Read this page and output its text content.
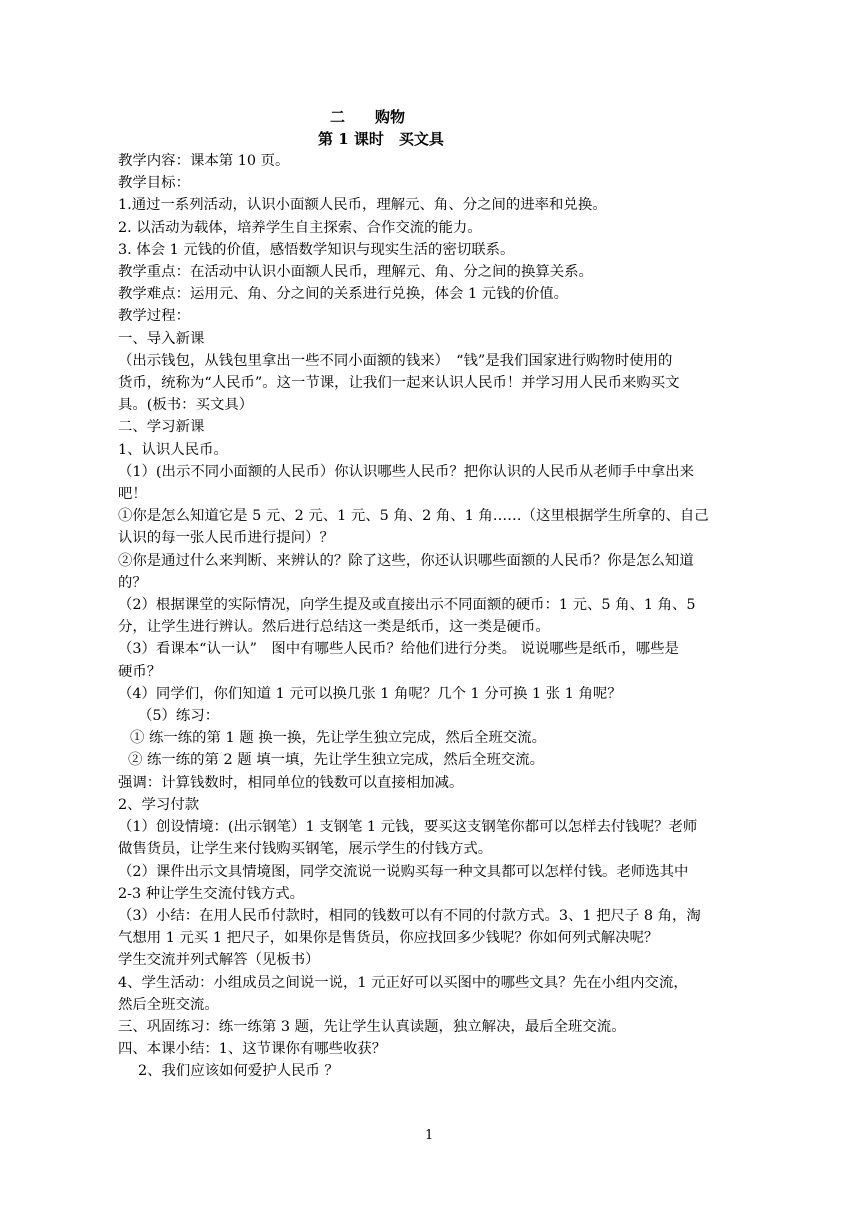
二　　购物
第 1 课时　买文具

教学内容：课本第 10 页。

教学目标：

1.通过一系列活动，认识小面额人民币，理解元、角、分之间的进率和兑换。

2. 以活动为载体，培养学生自主探索、合作交流的能力。

3. 体会 1 元钱的价值，感悟数学知识与现实生活的密切联系。

教学重点：在活动中认识小面额人民币，理解元、角、分之间的换算关系。

教学难点：运用元、角、分之间的关系进行兑换，体会 1 元钱的价值。

教学过程：

一、导入新课

（出示钱包，从钱包里拿出一些不同小面额的钱来）　“钱”是我们国家进行购物时使用的

货币，统称为“人民币”。这一节课，让我们一起来认识人民币！并学习用人民币来购买文

具。(板书：买文具）

二、学习新课

1、认识人民币。

（1）(出示不同小面额的人民币）你认识哪些人民币？把你认识的人民币从老师手中拿出来

吧！

①你是怎么知道它是 5 元、2 元、1 元、5 角、2 角、1 角……（这里根据学生所拿的、自己

认识的每一张人民币进行提问）？

②你是通过什么来判断、来辨认的？除了这些，你还认识哪些面额的人民币？你是怎么知道

的？

（2）根据课堂的实际情况，向学生提及或直接出示不同面额的硬币：1 元、5 角、1 角、5

分，让学生进行辨认。然后进行总结这一类是纸币，这一类是硬币。

（3）看课本“认一认”　图中有哪些人民币？给他们进行分类。 说说哪些是纸币，哪些是

硬币？

（4）同学们，你们知道 1 元可以换几张 1 角呢？几个 1 分可换 1 张 1 角呢？

（5）练习：

① 练一练的第 1 题 换一换，先让学生独立完成，然后全班交流。

② 练一练的第 2 题 填一填，先让学生独立完成，然后全班交流。

强调：计算钱数时，相同单位的钱数可以直接相加减。

2、学习付款

（1）创设情境：(出示钢笔）1 支钢笔 1 元钱，要买这支钢笔你都可以怎样去付钱呢？老师

做售货员，让学生来付钱购买钢笔，展示学生的付钱方式。

（2）课件出示文具情境图，同学交流说一说购买每一种文具都可以怎样付钱。老师选其中

2-3 种让学生交流付钱方式。

（3）小结：在用人民币付款时，相同的钱数可以有不同的付款方式。3、1 把尺子 8 角，淘

气想用 1 元买 1 把尺子，如果你是售货员，你应找回多少钱呢？你如何列式解决呢？

学生交流并列式解答（见板书）

4、学生活动：小组成员之间说一说，1 元正好可以买图中的哪些文具？先在小组内交流，

然后全班交流。

三、巩固练习：练一练第 3 题，先让学生认真读题，独立解决，最后全班交流。

四、本课小结：1、这节课你有哪些收获？

2、我们应该如何爱护人民币 ？

1
